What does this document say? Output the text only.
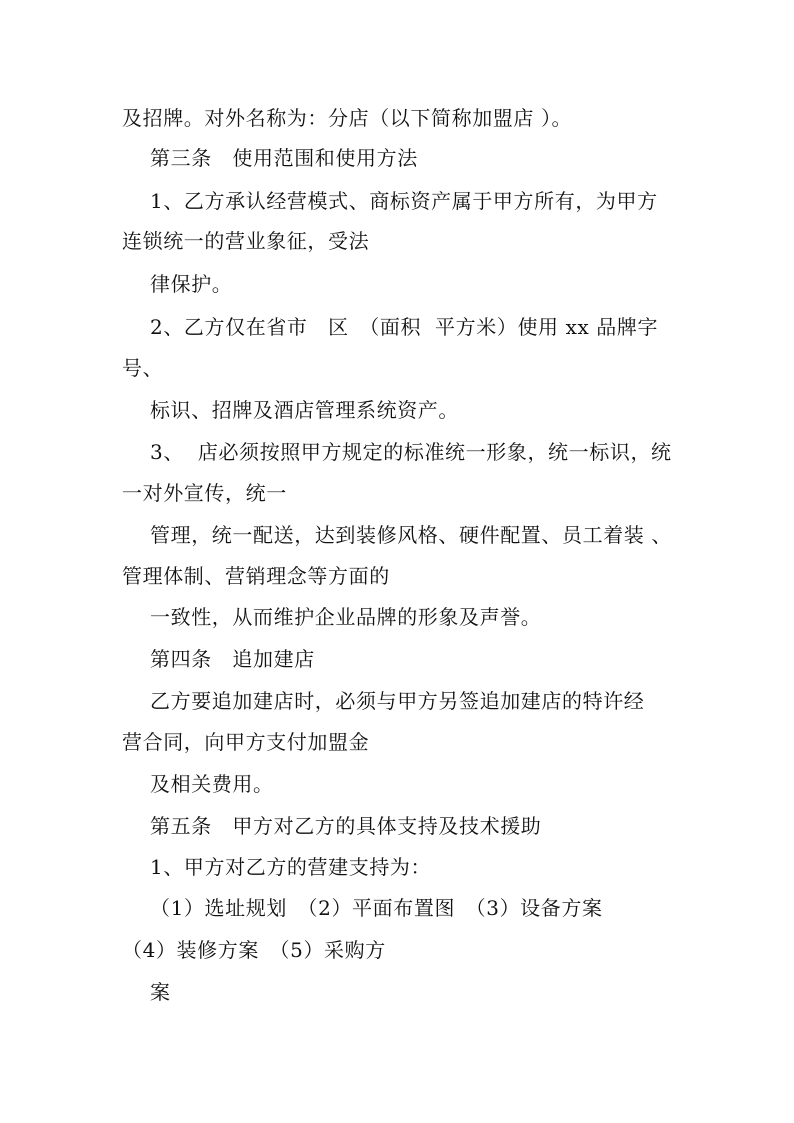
及招牌。对外名称为：分店（以下简称加盟店 ）。
第三条　使用范围和使用方法
1、乙方承认经营模式、商标资产属于甲方所有，为甲方
连锁统一的营业象征，受法
律保护。
2、乙方仅在省市　区　（面积  平方米）使用 xx 品牌字
号、
标识、招牌及酒店管理系统资产。
3、  店必须按照甲方规定的标准统一形象，统一标识，统
一对外宣传，统一
管理，统一配送，达到装修风格、硬件配置、员工着装 、
管理体制、营销理念等方面的
一致性，从而维护企业品牌的形象及声誉。
第四条　追加建店
乙方要追加建店时，必须与甲方另签追加建店的特许经
营合同，向甲方支付加盟金
及相关费用。
第五条　甲方对乙方的具体支持及技术援助
1、甲方对乙方的营建支持为：
（1）选址规划　（2）平面布置图　（3）设备方案
（4）装修方案　（5）采购方
案
